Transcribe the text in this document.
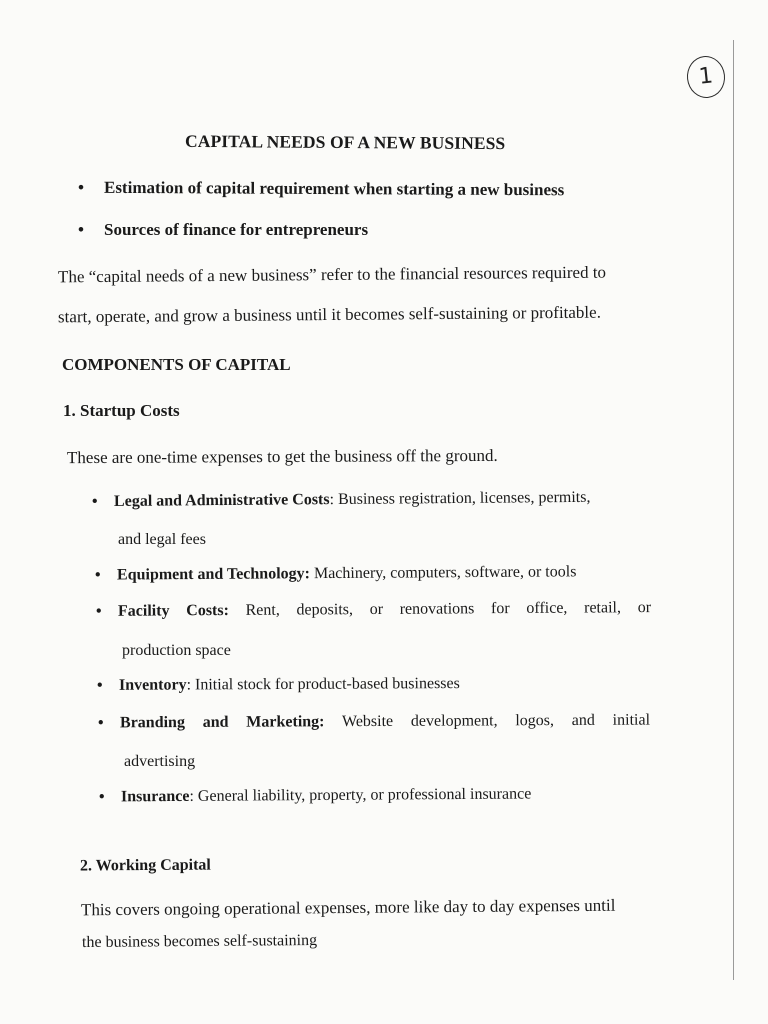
1
CAPITAL NEEDS OF A NEW BUSINESS
• Estimation of capital requirement when starting a new business
• Sources of finance for entrepreneurs
The “capital needs of a new business” refer to the financial resources required to
start, operate, and grow a business until it becomes self-sustaining or profitable.
COMPONENTS OF CAPITAL
1. Startup Costs
These are one-time expenses to get the business off the ground.
• Legal and Administrative Costs: Business registration, licenses, permits,
and legal fees
• Equipment and Technology: Machinery, computers, software, or tools
• Facility Costs: Rent, deposits, or renovations for office, retail, or
production space
• Inventory: Initial stock for product-based businesses
• Branding and Marketing: Website development, logos, and initial
advertising
• Insurance: General liability, property, or professional insurance
2. Working Capital
This covers ongoing operational expenses, more like day to day expenses until
the business becomes self-sustaining
